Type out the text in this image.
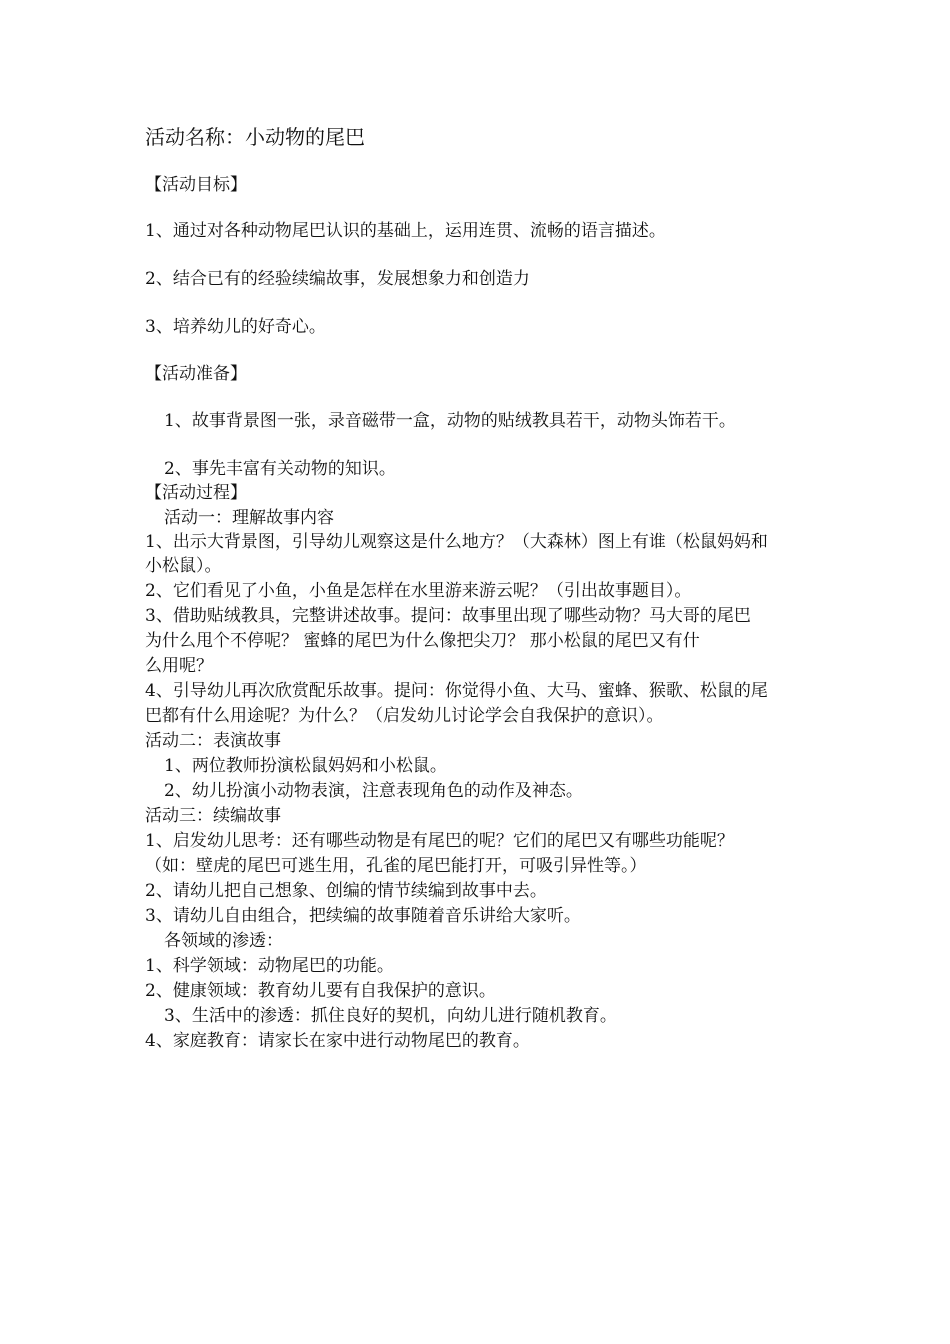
活动名称：小动物的尾巴
【活动目标】
1、通过对各种动物尾巴认识的基础上，运用连贯、流畅的语言描述。
2、结合已有的经验续编故事，发展想象力和创造力
3、培养幼儿的好奇心。
【活动准备】
1、故事背景图一张，录音磁带一盒，动物的贴绒教具若干，动物头饰若干。
2、事先丰富有关动物的知识。
【活动过程】
活动一：理解故事内容
1、出示大背景图，引导幼儿观察这是什么地方？（大森林）图上有谁（松鼠妈妈和
小松鼠）。
2、它们看见了小鱼，小鱼是怎样在水里游来游云呢？（引出故事题目）。
3、借助贴绒教具，完整讲述故事。提问：故事里出现了哪些动物？马大哥的尾巴
为什么甩个不停呢？ 蜜蜂的尾巴为什么像把尖刀？ 那小松鼠的尾巴又有什
么用呢？
4、引导幼儿再次欣赏配乐故事。提问：你觉得小鱼、大马、蜜蜂、猴歌、松鼠的尾
巴都有什么用途呢？为什么？（启发幼儿讨论学会自我保护的意识）。
活动二：表演故事
1、两位教师扮演松鼠妈妈和小松鼠。
2、幼儿扮演小动物表演，注意表现角色的动作及神态。
活动三：续编故事
1、启发幼儿思考：还有哪些动物是有尾巴的呢？它们的尾巴又有哪些功能呢？
（如：壁虎的尾巴可逃生用，孔雀的尾巴能打开，可吸引异性等。）
2、请幼儿把自己想象、创编的情节续编到故事中去。
3、请幼儿自由组合，把续编的故事随着音乐讲给大家听。
各领域的渗透：
1、科学领域：动物尾巴的功能。
2、健康领域：教育幼儿要有自我保护的意识。
3、生活中的渗透：抓住良好的契机，向幼儿进行随机教育。
4、家庭教育：请家长在家中进行动物尾巴的教育。
